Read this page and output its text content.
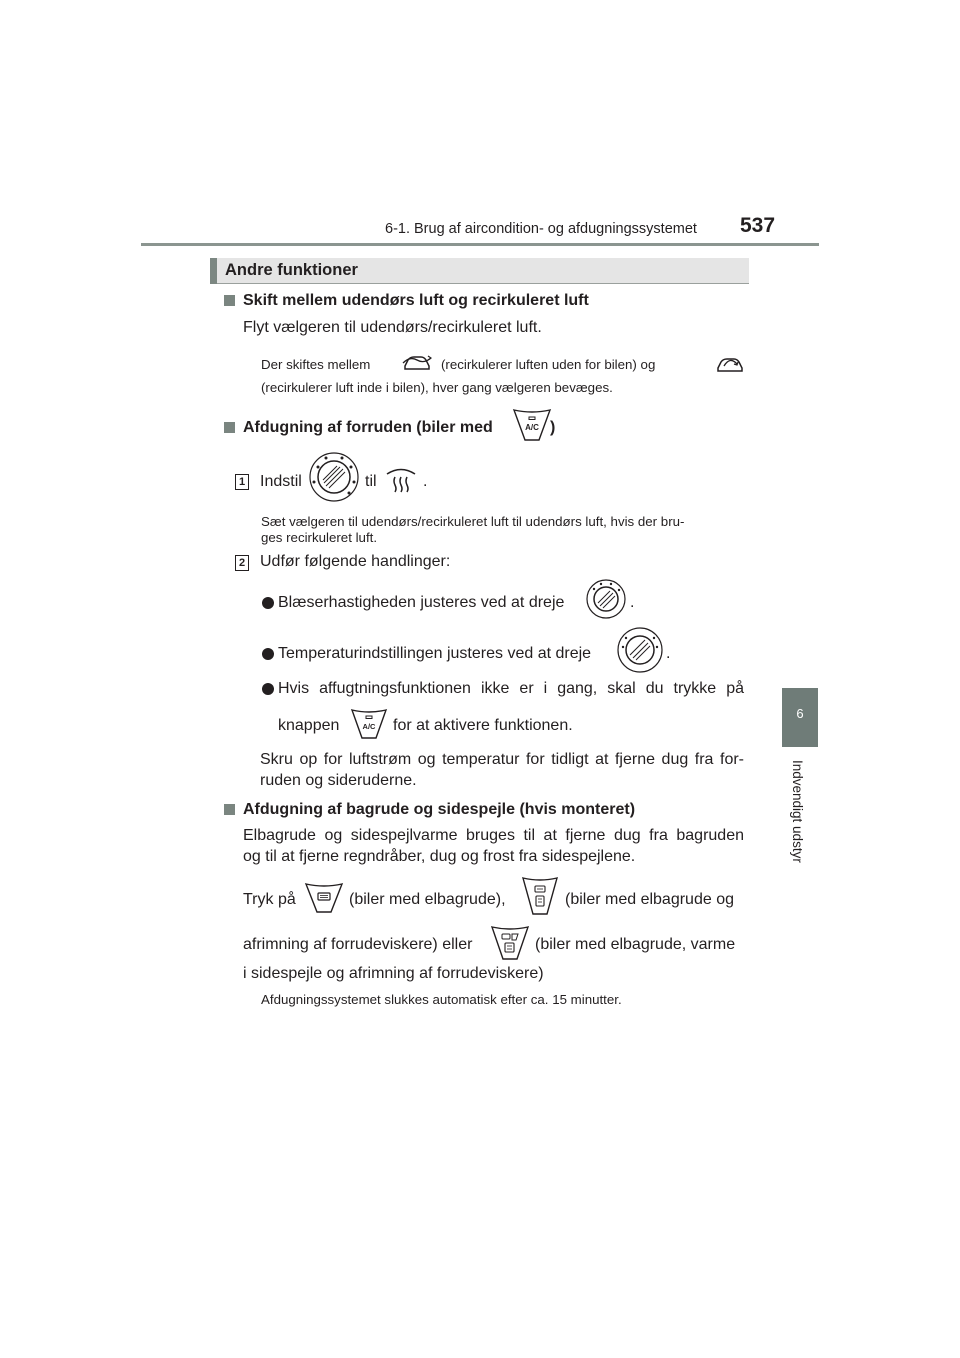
6-1. Brug af aircondition- og afdugningssystemet 537
6
Indvendigt udstyr
Andre funktioner
Skift mellem udendørs luft og recirkuleret luft
Flyt vælgeren til udendørs/recirkuleret luft.
Der skiftes mellem	(recirkulerer luften uden for bilen) og
(recirkulerer luft inde i bilen), hver gang vælgeren bevæges.
Afdugning af forruden (biler med	A/C )
1 Indstil	til	.
Sæt vælgeren til udendørs/recirkuleret luft til udendørs luft, hvis der bru-
ges recirkuleret luft.
2 Udfør følgende handlinger:
Blæserhastigheden justeres ved at dreje	.
Temperaturindstillingen justeres ved at dreje	.
Hvis affugtningsfunktionen ikke er i gang, skal du trykke på
knappen	A/C for at aktivere funktionen.
Skru op for luftstrøm og temperatur for tidligt at fjerne dug fra for-
ruden og sideruderne.
Afdugning af bagrude og sidespejle (hvis monteret)
Elbagrude og sidespejlvarme bruges til at fjerne dug fra bagruden
og til at fjerne regndråber, dug og frost fra sidespejlene.
Tryk på	(biler med elbagrude),	(biler med elbagrude og
afrimning af forrudeviskere) eller	(biler med elbagrude, varme
i sidespejle og afrimning af forrudeviskere)
Afdugningssystemet slukkes automatisk efter ca. 15 minutter.
